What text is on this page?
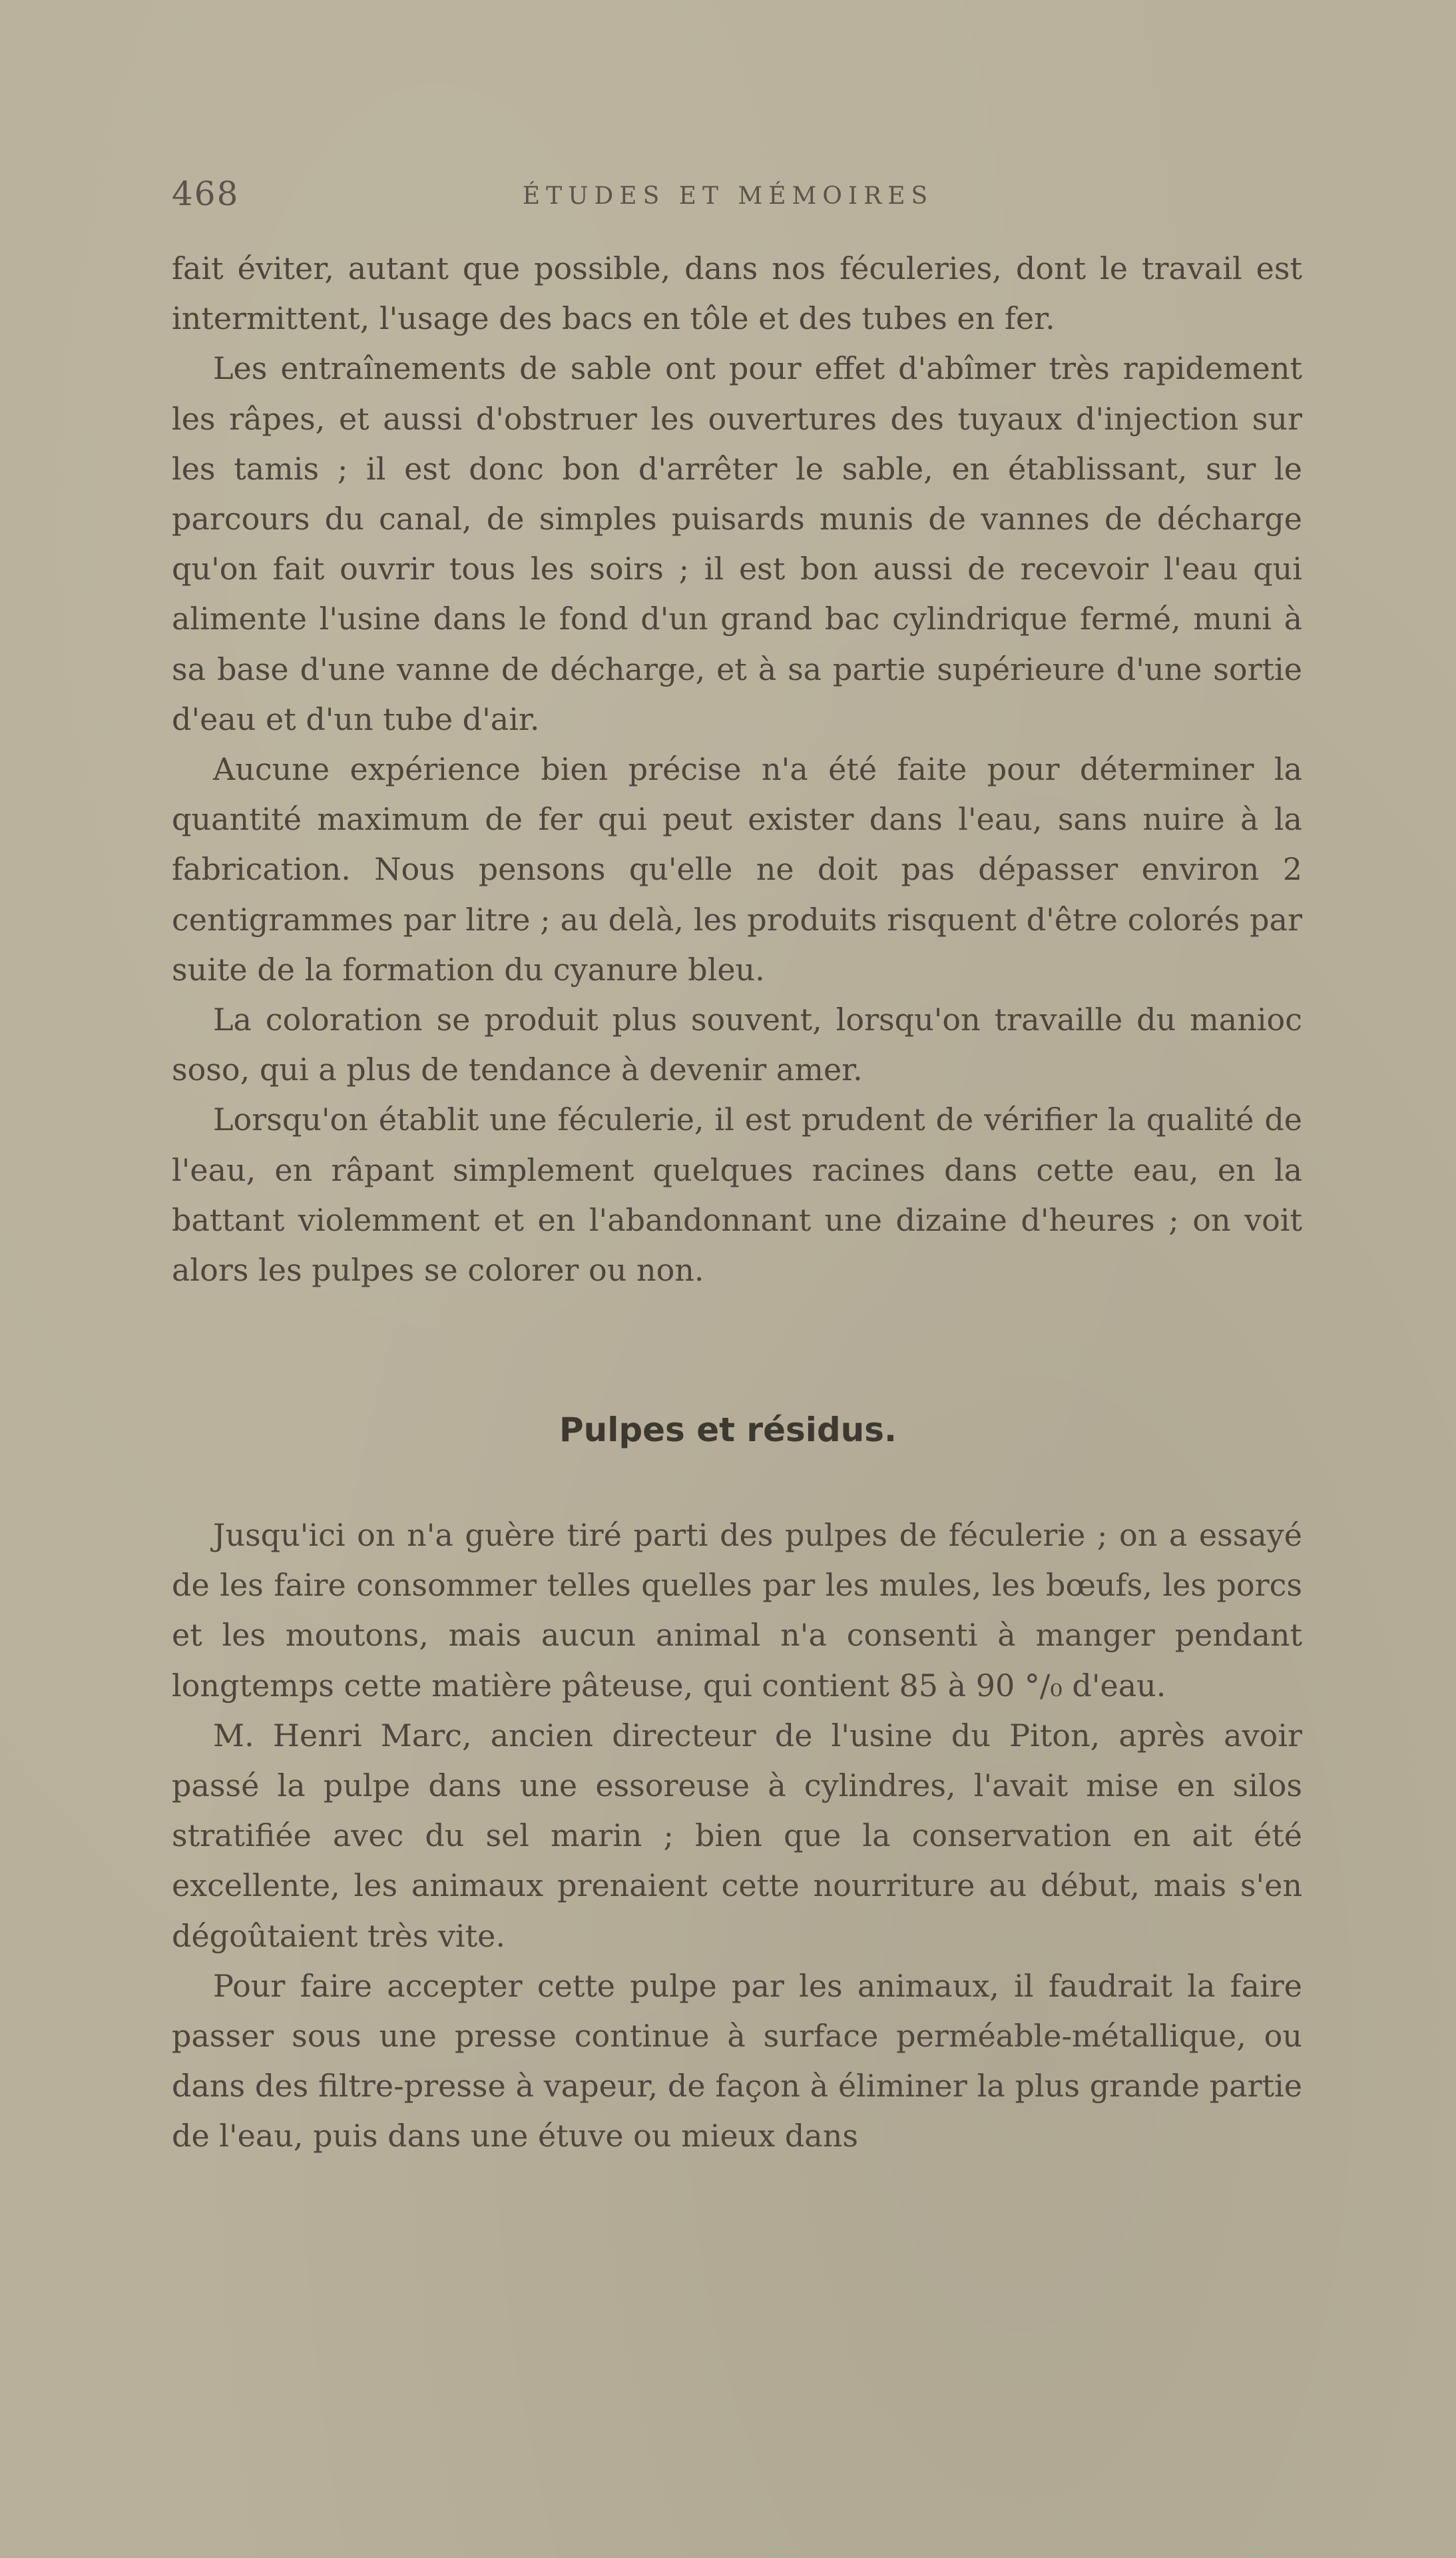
468	ÉTUDES ET MÉMOIRES

fait éviter, autant que possible, dans nos féculeries, dont le travail est intermittent, l'usage des bacs en tôle et des tubes en fer.

Les entraînements de sable ont pour effet d'abîmer très rapidement les râpes, et aussi d'obstruer les ouvertures des tuyaux d'injection sur les tamis ; il est donc bon d'arrêter le sable, en établissant, sur le parcours du canal, de simples puisards munis de vannes de décharge qu'on fait ouvrir tous les soirs ; il est bon aussi de recevoir l'eau qui alimente l'usine dans le fond d'un grand bac cylindrique fermé, muni à sa base d'une vanne de décharge, et à sa partie supérieure d'une sortie d'eau et d'un tube d'air.

Aucune expérience bien précise n'a été faite pour déterminer la quantité maximum de fer qui peut exister dans l'eau, sans nuire à la fabrication. Nous pensons qu'elle ne doit pas dépasser environ 2 centigrammes par litre ; au delà, les produits risquent d'être colorés par suite de la formation du cyanure bleu.

La coloration se produit plus souvent, lorsqu'on travaille du manioc soso, qui a plus de tendance à devenir amer.

Lorsqu'on établit une féculerie, il est prudent de vérifier la qualité de l'eau, en râpant simplement quelques racines dans cette eau, en la battant violemment et en l'abandonnant une dizaine d'heures ; on voit alors les pulpes se colorer ou non.

Pulpes et résidus.

Jusqu'ici on n'a guère tiré parti des pulpes de féculerie ; on a essayé de les faire consommer telles quelles par les mules, les bœufs, les porcs et les moutons, mais aucun animal n'a consenti à manger pendant longtemps cette matière pâteuse, qui contient 85 à 90 °/₀ d'eau.

M. Henri Marc, ancien directeur de l'usine du Piton, après avoir passé la pulpe dans une essoreuse à cylindres, l'avait mise en silos stratifiée avec du sel marin ; bien que la conservation en ait été excellente, les animaux prenaient cette nourriture au début, mais s'en dégoûtaient très vite.

Pour faire accepter cette pulpe par les animaux, il faudrait la faire passer sous une presse continue à surface perméable-métallique, ou dans des filtre-presse à vapeur, de façon à éliminer la plus grande partie de l'eau, puis dans une étuve ou mieux dans
